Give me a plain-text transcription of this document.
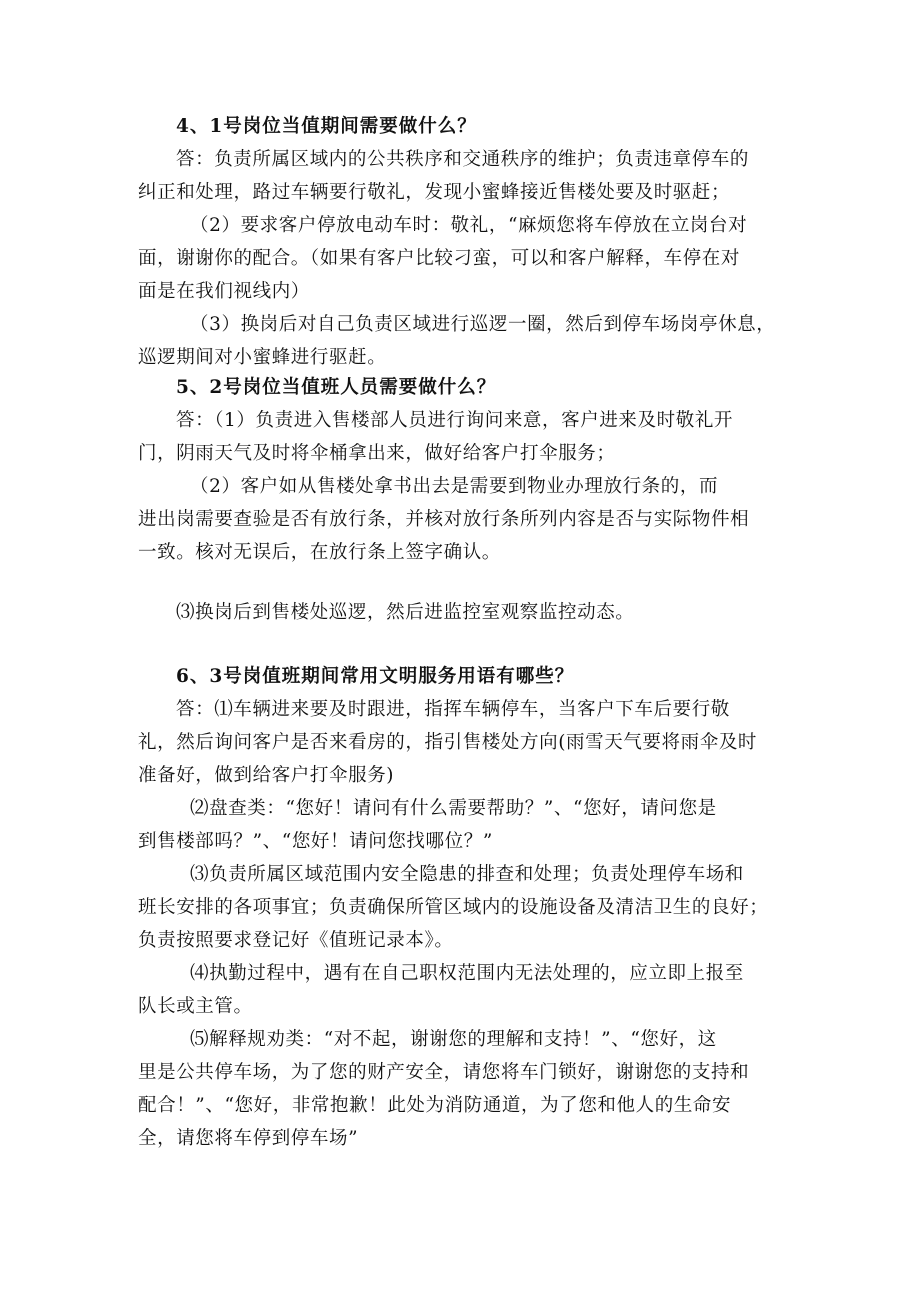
4、1号岗位当值期间需要做什么？
答：负责所属区域内的公共秩序和交通秩序的维护；负责违章停车的
纠正和处理，路过车辆要行敬礼，发现小蜜蜂接近售楼处要及时驱赶；
（2）要求客户停放电动车时：敬礼，“麻烦您将车停放在立岗台对
面，谢谢你的配合。（如果有客户比较刁蛮，可以和客户解释，车停在对
面是在我们视线内）
（3）换岗后对自己负责区域进行巡逻一圈，然后到停车场岗亭休息，
巡逻期间对小蜜蜂进行驱赶。
5、2号岗位当值班人员需要做什么？
答：（1）负责进入售楼部人员进行询问来意，客户进来及时敬礼开
门，阴雨天气及时将伞桶拿出来，做好给客户打伞服务；
（2）客户如从售楼处拿书出去是需要到物业办理放行条的，而
进出岗需要查验是否有放行条，并核对放行条所列内容是否与实际物件相
一致。核对无误后，在放行条上签字确认。
⑶换岗后到售楼处巡逻，然后进监控室观察监控动态。
6、3号岗值班期间常用文明服务用语有哪些？
答：⑴车辆进来要及时跟进，指挥车辆停车，当客户下车后要行敬
礼，然后询问客户是否来看房的，指引售楼处方向(雨雪天气要将雨伞及时
准备好，做到给客户打伞服务)
⑵盘查类：“您好！请问有什么需要帮助？”、“您好，请问您是
到售楼部吗？”、“您好！请问您找哪位？”
⑶负责所属区域范围内安全隐患的排查和处理；负责处理停车场和
班长安排的各项事宜；负责确保所管区域内的设施设备及清洁卫生的良好；
负责按照要求登记好《值班记录本》。
⑷执勤过程中，遇有在自己职权范围内无法处理的，应立即上报至
队长或主管。
⑸解释规劝类：“对不起，谢谢您的理解和支持！”、“您好，这
里是公共停车场，为了您的财产安全，请您将车门锁好，谢谢您的支持和
配合！”、“您好，非常抱歉！此处为消防通道，为了您和他人的生命安
全，请您将车停到停车场”
